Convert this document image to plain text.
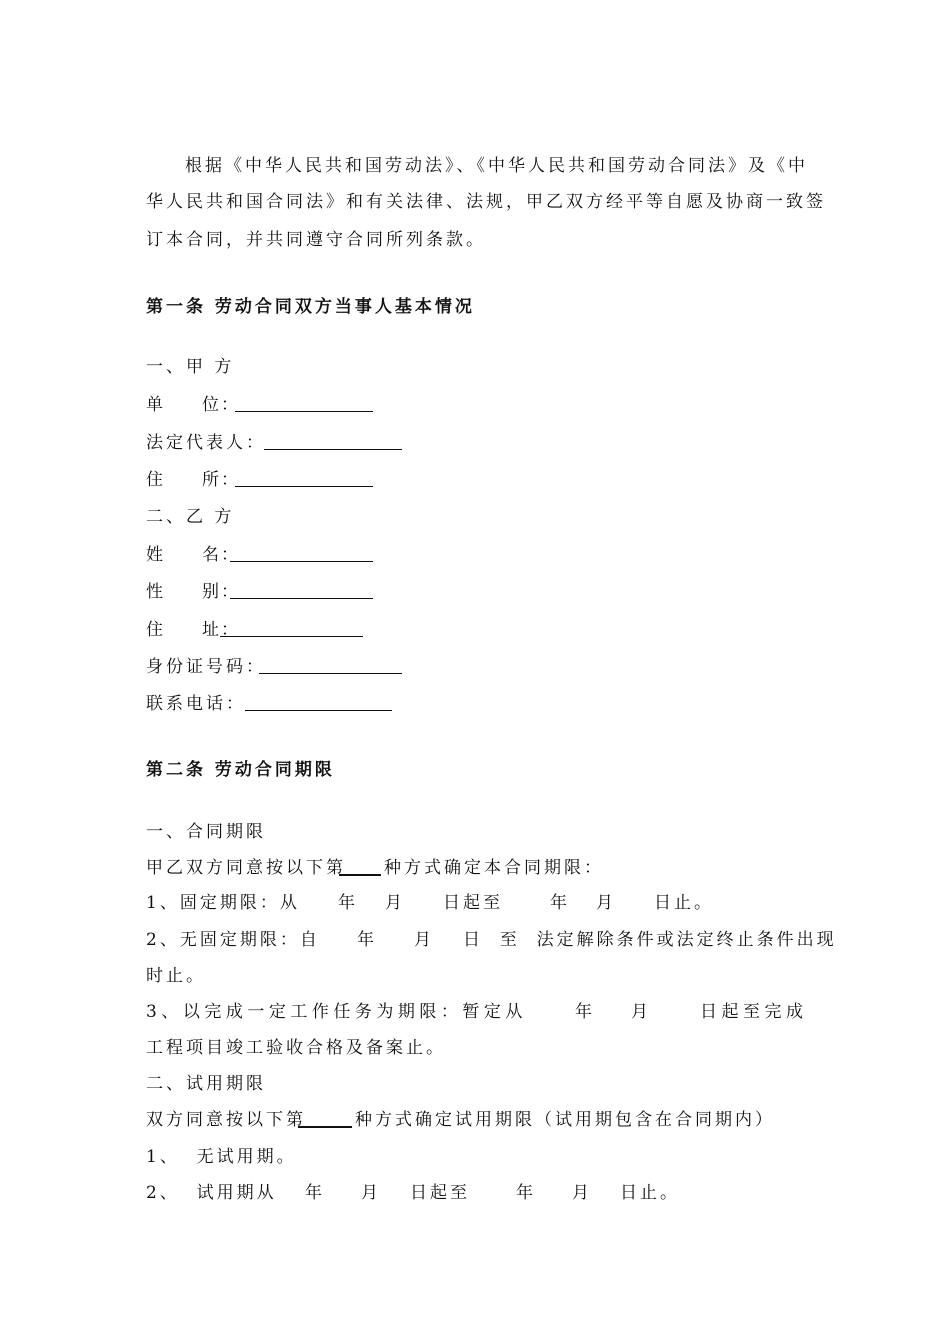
根据《中华人民共和国劳动法》、《中华人民共和国劳动合同法》及《中
华人民共和国合同法》和有关法律、法规，甲乙双方经平等自愿及协商一致签
订本合同，并共同遵守合同所列条款。
第一条 劳动合同双方当事人基本情况
一、甲 方
单     位：
法定代表人：
住     所：
二、乙 方
姓     名：
性     别：
住     址：
身份证号码：
联系电话：
第二条 劳动合同期限
一、合同期限
甲乙双方同意按以下第 种方式确定本合同期限：
1、固定期限：从 年 月 日起至	年 月 日止。
2、无固定期限：自 年 月 日  至  法定解除条件或法定终止条件出现
时止。
3、以完成一定工作任务为期限：暂定从	年 月	日起至完成
工程项目竣工验收合格及备案止。
二、试用期限
双方同意按以下第	种方式确定试用期限（试用期包含在合同期内）
1、  无试用期。
2、  试用期从 年 月 日起至	年 月 日止。
